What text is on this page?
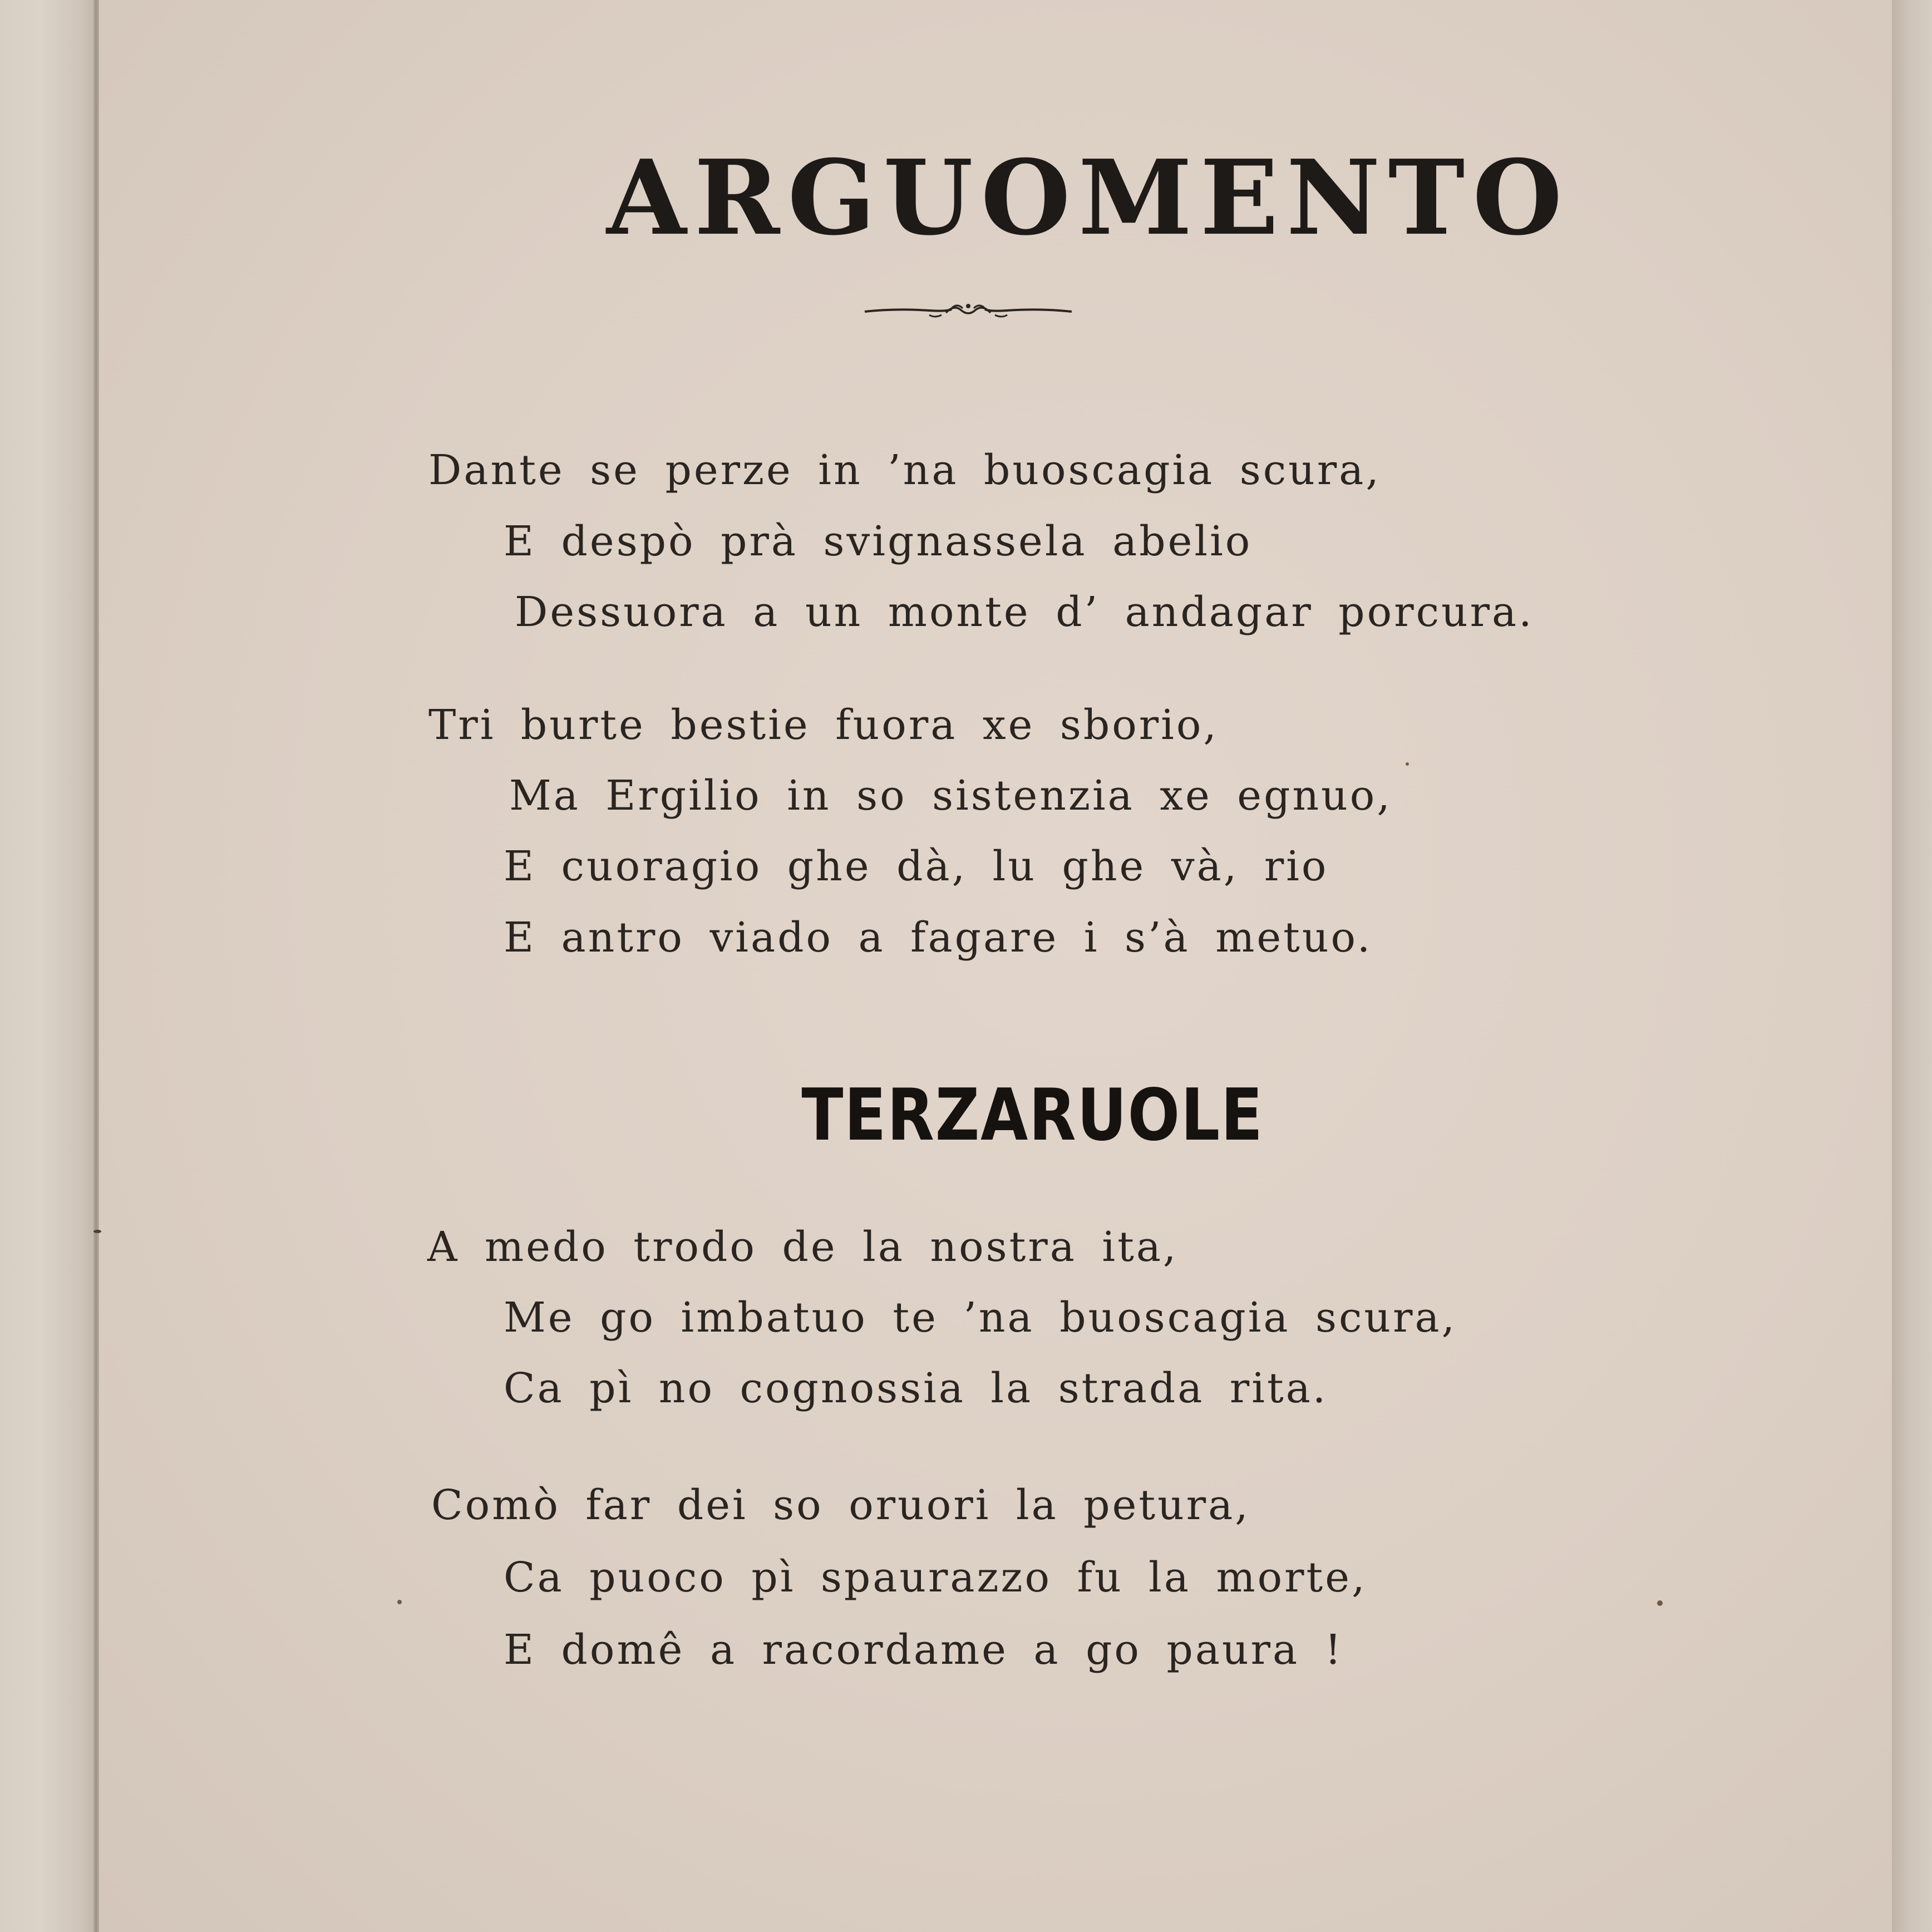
ARGUOMENTO
Dante se perze in ’na buoscagia scura,
E despò prà svignassela abelio
Dessuora a un monte d’ andagar porcura.
Tri burte bestie fuora xe sborio,
Ma Ergilio in so sistenzia xe egnuo,
E cuoragio ghe dà, lu ghe và, rio
E antro viado a fagare i s’à metuo.
TERZARUOLE
A medo trodo de la nostra ita,
Me go imbatuo te ’na buoscagia scura,
Ca pì no cognossia la strada rita.
Comò far dei so oruori la petura,
Ca puoco pì spaurazzo fu la morte,
E domê a racordame a go paura !
